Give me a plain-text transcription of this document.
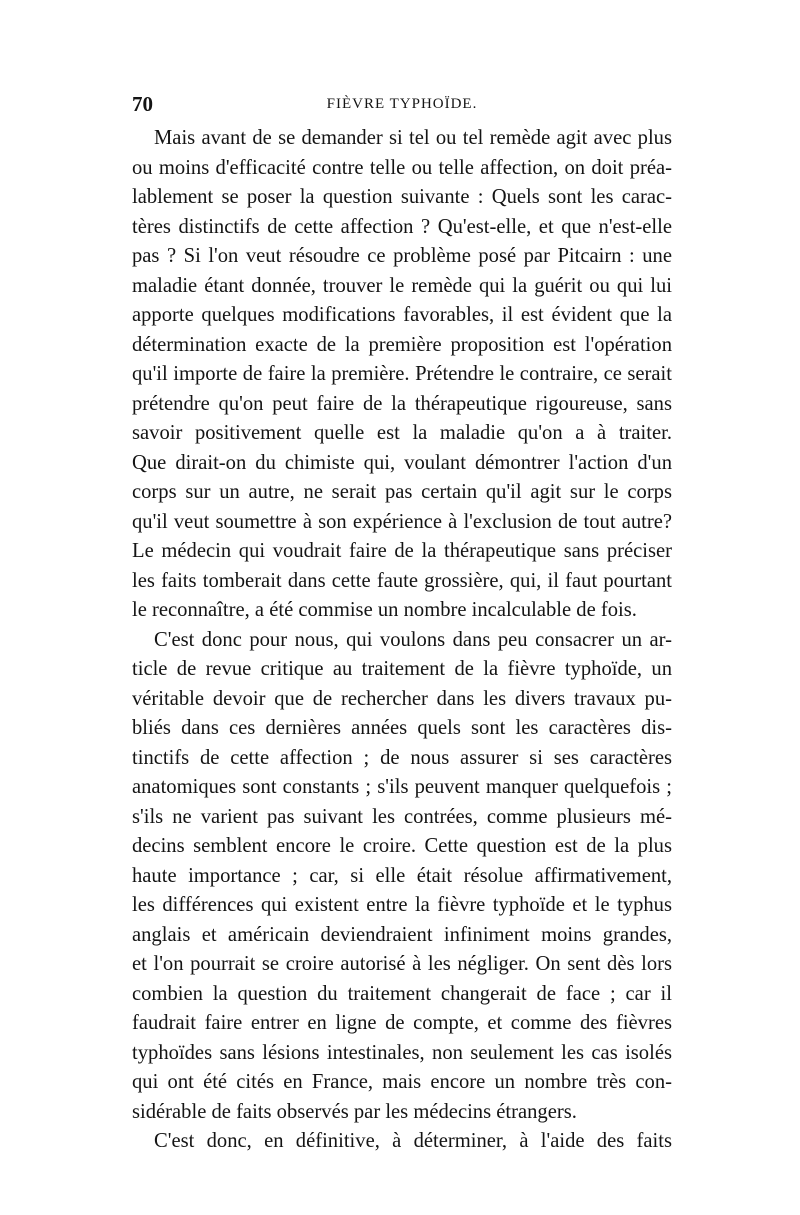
70	FIÈVRE TYPHOÏDE.

Mais avant de se demander si tel ou tel remède agit avec plus
ou moins d'efficacité contre telle ou telle affection, on doit préa-
lablement se poser la question suivante : Quels sont les carac-
tères distinctifs de cette affection ? Qu'est-elle, et que n'est-elle
pas ? Si l'on veut résoudre ce problème posé par Pitcairn : une
maladie étant donnée, trouver le remède qui la guérit ou qui lui
apporte quelques modifications favorables, il est évident que la
détermination exacte de la première proposition est l'opération
qu'il importe de faire la première. Prétendre le contraire, ce serait
prétendre qu'on peut faire de la thérapeutique rigoureuse, sans
savoir positivement quelle est la maladie qu'on a à traiter.
Que dirait-on du chimiste qui, voulant démontrer l'action d'un
corps sur un autre, ne serait pas certain qu'il agit sur le corps
qu'il veut soumettre à son expérience à l'exclusion de tout autre?
Le médecin qui voudrait faire de la thérapeutique sans préciser
les faits tomberait dans cette faute grossière, qui, il faut pourtant
le reconnaître, a été commise un nombre incalculable de fois.

C'est donc pour nous, qui voulons dans peu consacrer un ar-
ticle de revue critique au traitement de la fièvre typhoïde, un
véritable devoir que de rechercher dans les divers travaux pu-
bliés dans ces dernières années quels sont les caractères dis-
tinctifs de cette affection ; de nous assurer si ses caractères
anatomiques sont constants ; s'ils peuvent manquer quelquefois ;
s'ils ne varient pas suivant les contrées, comme plusieurs mé-
decins semblent encore le croire. Cette question est de la plus
haute importance ; car, si elle était résolue affirmativement,
les différences qui existent entre la fièvre typhoïde et le typhus
anglais et américain deviendraient infiniment moins grandes,
et l'on pourrait se croire autorisé à les négliger. On sent dès lors
combien la question du traitement changerait de face ; car il
faudrait faire entrer en ligne de compte, et comme des fièvres
typhoïdes sans lésions intestinales, non seulement les cas isolés
qui ont été cités en France, mais encore un nombre très con-
sidérable de faits observés par les médecins étrangers.

C'est donc, en définitive, à déterminer, à l'aide des faits
